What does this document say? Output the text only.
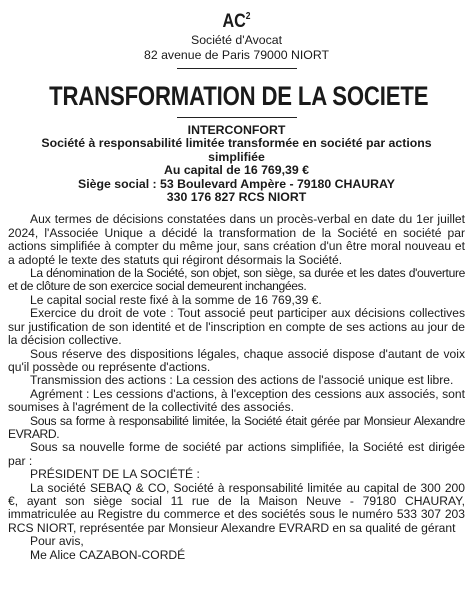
$AC^2$
Société d'Avocat
82 avenue de Paris 79000 NIORT
TRANSFORMATION DE LA SOCIETE
INTERCONFORT
Société à responsabilité limitée transformée en société par actions
simplifiée
Au capital de 16 769,39 €
Siège social : 53 Boulevard Ampère - 79180 CHAURAY
330 176 827 RCS NIORT

Aux termes de décisions constatées dans un procès-verbal en date du 1er juillet 2024, l'Associée Unique a décidé la transformation de la Société en société par actions simplifiée à compter du même jour, sans création d'un être moral nouveau et a adopté le texte des statuts qui régiront désormais la Société.

La dénomination de la Société, son objet, son siège, sa durée et les dates d'ouverture et de clôture de son exercice social demeurent inchangées.

Le capital social reste fixé à la somme de 16 769,39 €.

Exercice du droit de vote : Tout associé peut participer aux décisions collectives sur justification de son identité et de l'inscription en compte de ses actions au jour de la décision collective.

Sous réserve des dispositions légales, chaque associé dispose d'autant de voix qu'il possède ou représente d'actions.

Transmission des actions : La cession des actions de l'associé unique est libre.

Agrément : Les cessions d'actions, à l'exception des cessions aux associés, sont soumises à l'agrément de la collectivité des associés.

Sous sa forme à responsabilité limitée, la Société était gérée par Monsieur Alexandre EVRARD.

Sous sa nouvelle forme de société par actions simplifiée, la Société est dirigée par :

PRÉSIDENT DE LA SOCIÉTÉ :

La société SEBAQ & CO, Société à responsabilité limitée au capital de 300 200 €, ayant son siège social 11 rue de la Maison Neuve - 79180 CHAURAY, immatriculée au Registre du commerce et des sociétés sous le numéro 533 307 203 RCS NIORT, représentée par Monsieur Alexandre EVRARD en sa qualité de gérant

Pour avis,

Me Alice CAZABON-CORDÉ
